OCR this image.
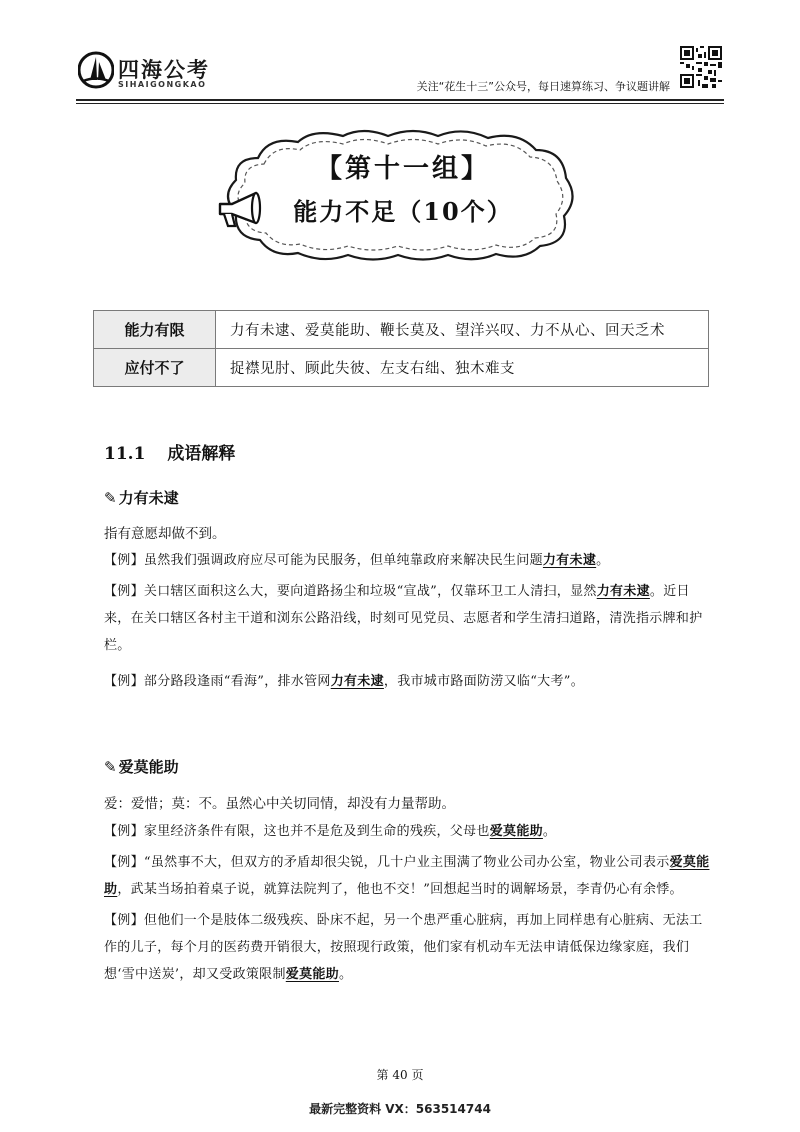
四海公考
SIHAIGONGKAO	关注“花生十三”公众号，每日速算练习、争议题讲解
【第十一组】
能力不足（10个）
能力有限	力有未逮、爱莫能助、鞭长莫及、望洋兴叹、力不从心、回天乏术
应付不了	捉襟见肘、顾此失彼、左支右绌、独木难支
11.1 成语解释
✎ 力有未逮
指有意愿却做不到。
【例】虽然我们强调政府应尽可能为民服务，但单纯靠政府来解决民生问题力有未逮。
【例】关口辖区面积这么大，要向道路扬尘和垃圾“宣战”，仅靠环卫工人清扫，显然力有未逮。近日来，在关口辖区各村主干道和浏东公路沿线，时刻可见党员、志愿者和学生清扫道路，清洗指示牌和护栏。
【例】部分路段逢雨“看海”，排水管网力有未逮，我市城市路面防涝又临“大考”。
✎ 爱莫能助
爱：爱惜；莫：不。虽然心中关切同情，却没有力量帮助。
【例】家里经济条件有限，这也并不是危及到生命的残疾，父母也爱莫能助。
【例】“虽然事不大，但双方的矛盾却很尖锐，几十户业主围满了物业公司办公室，物业公司表示爱莫能助，武某当场拍着桌子说，就算法院判了，他也不交！”回想起当时的调解场景，李青仍心有余悸。
【例】但他们一个是肢体二级残疾、卧床不起，另一个患严重心脏病，再加上同样患有心脏病、无法工作的儿子，每个月的医药费开销很大，按照现行政策，他们家有机动车无法申请低保边缘家庭，我们想‘雪中送炭’，却又受政策限制爱莫能助。
第 40 页
最新完整资料 VX：563514744
